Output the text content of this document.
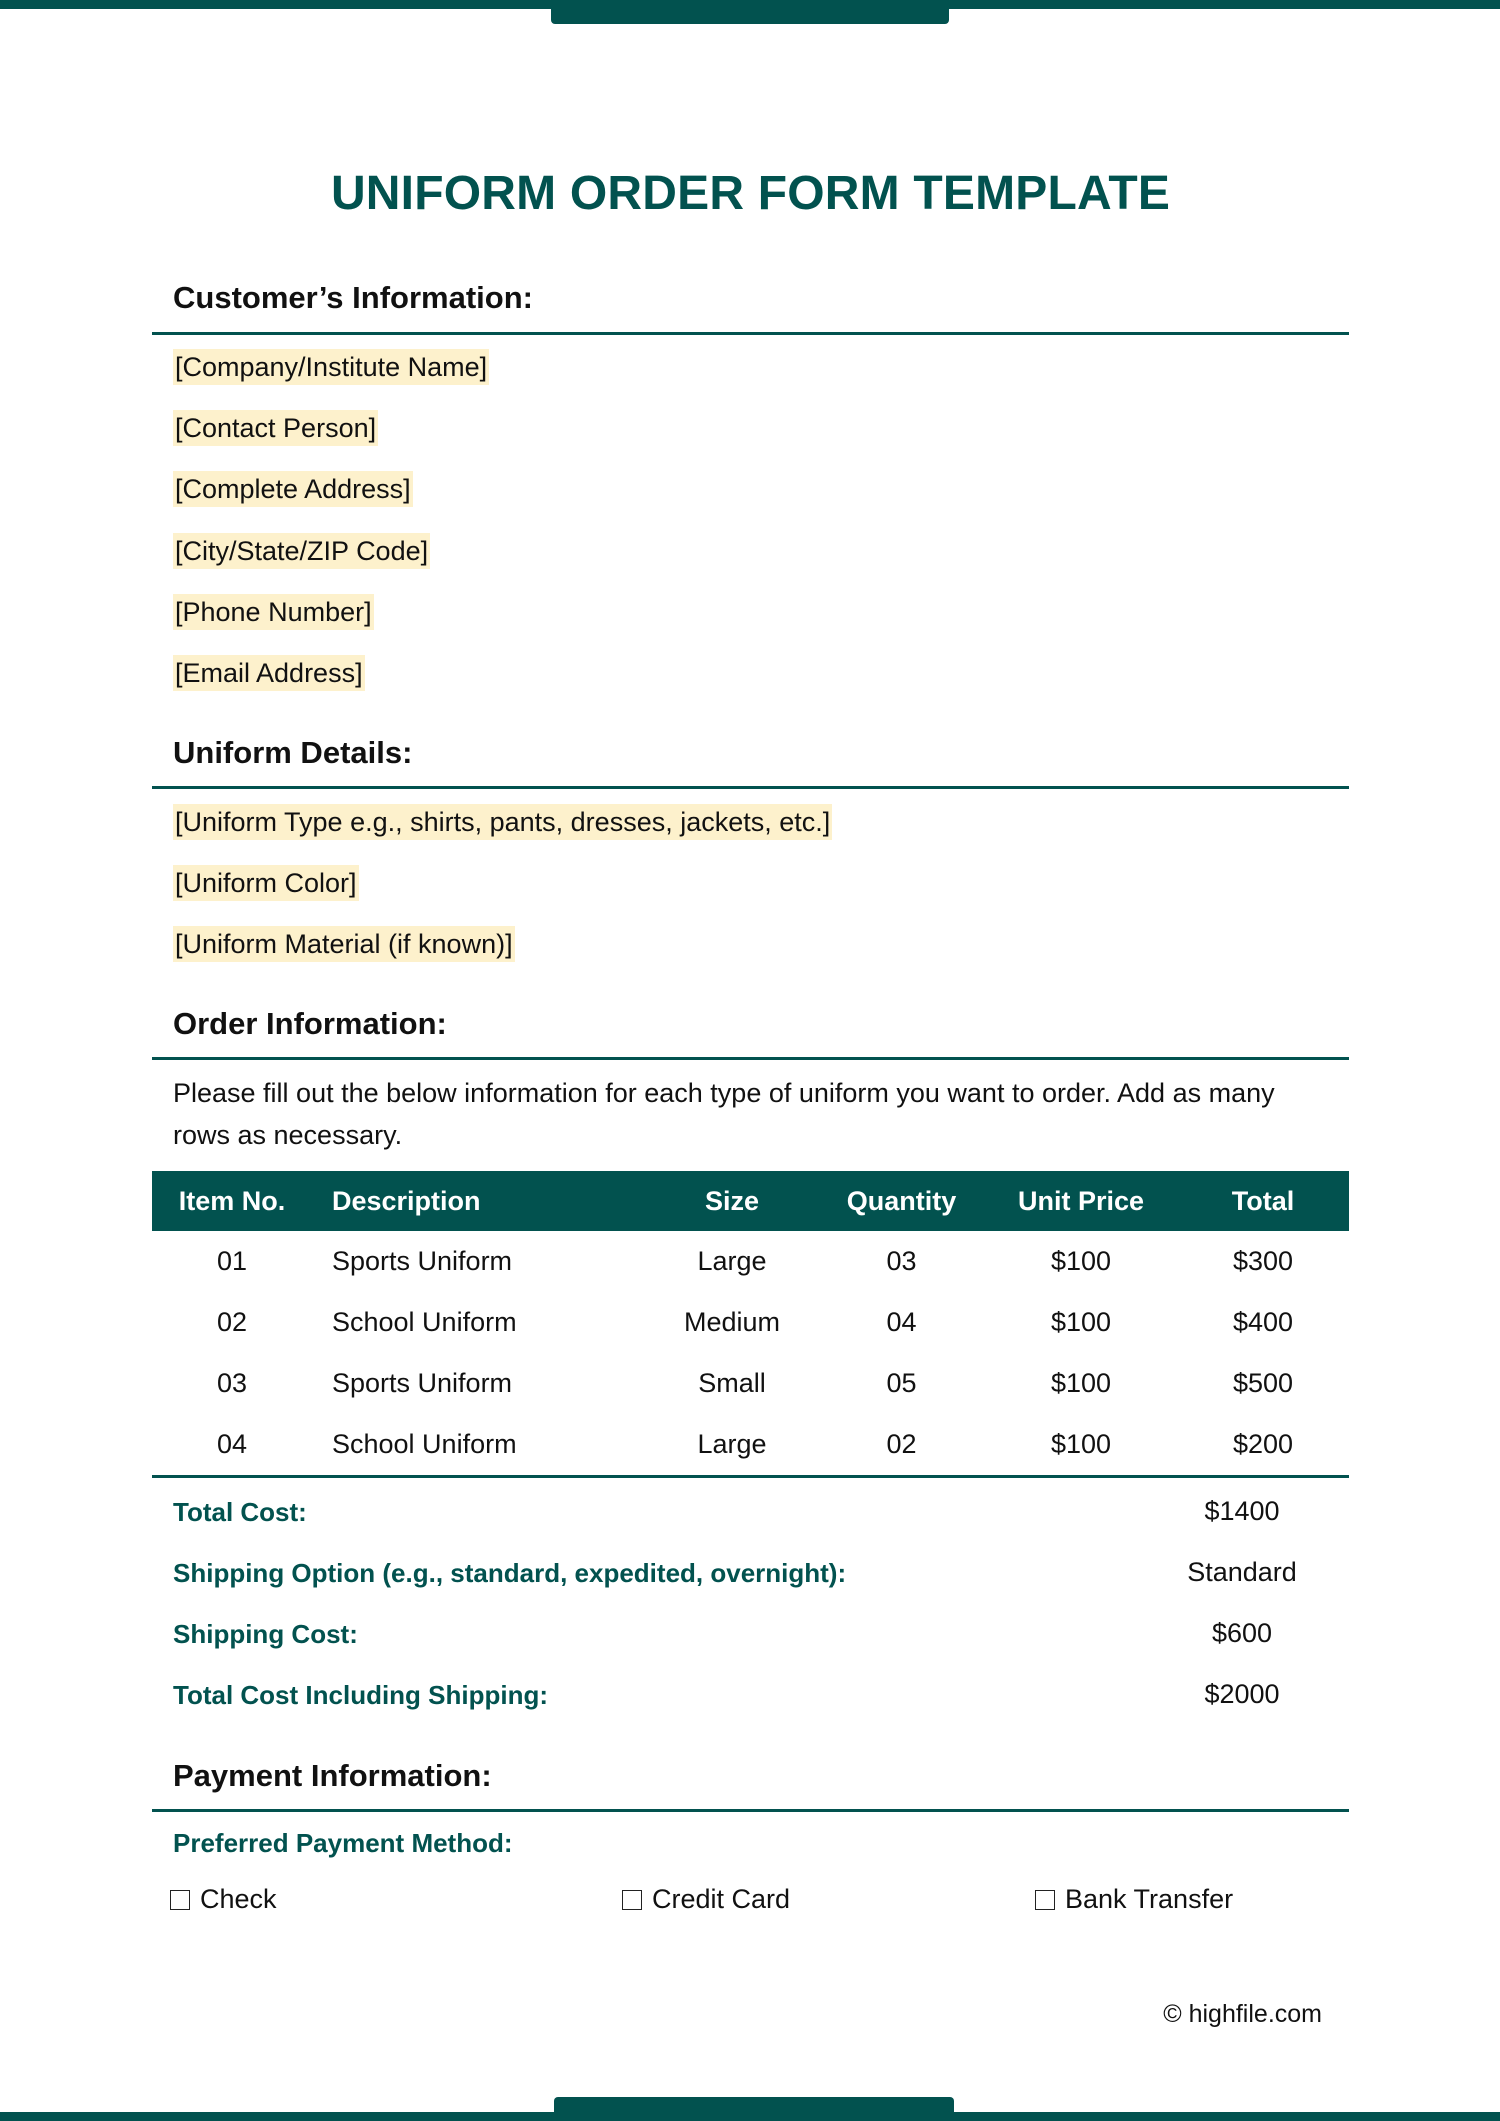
UNIFORM ORDER FORM TEMPLATE
Customer’s Information:
[Company/Institute Name]
[Contact Person]
[Complete Address]
[City/State/ZIP Code]
[Phone Number]
[Email Address]
Uniform Details:
[Uniform Type e.g., shirts, pants, dresses, jackets, etc.]
[Uniform Color]
[Uniform Material (if known)]
Order Information:
Please fill out the below information for each type of uniform you want to order. Add as many rows as necessary.
Item No.	Description	Size	Quantity	Unit Price	Total
01	Sports Uniform	Large	03	$100	$300
02	School Uniform	Medium	04	$100	$400
03	Sports Uniform	Small	05	$100	$500
04	School Uniform	Large	02	$100	$200
Total Cost:	$1400
Shipping Option (e.g., standard, expedited, overnight):	Standard
Shipping Cost:	$600
Total Cost Including Shipping:	$2000
Payment Information:
Preferred Payment Method:
Check	Credit Card	Bank Transfer
© highfile.com
